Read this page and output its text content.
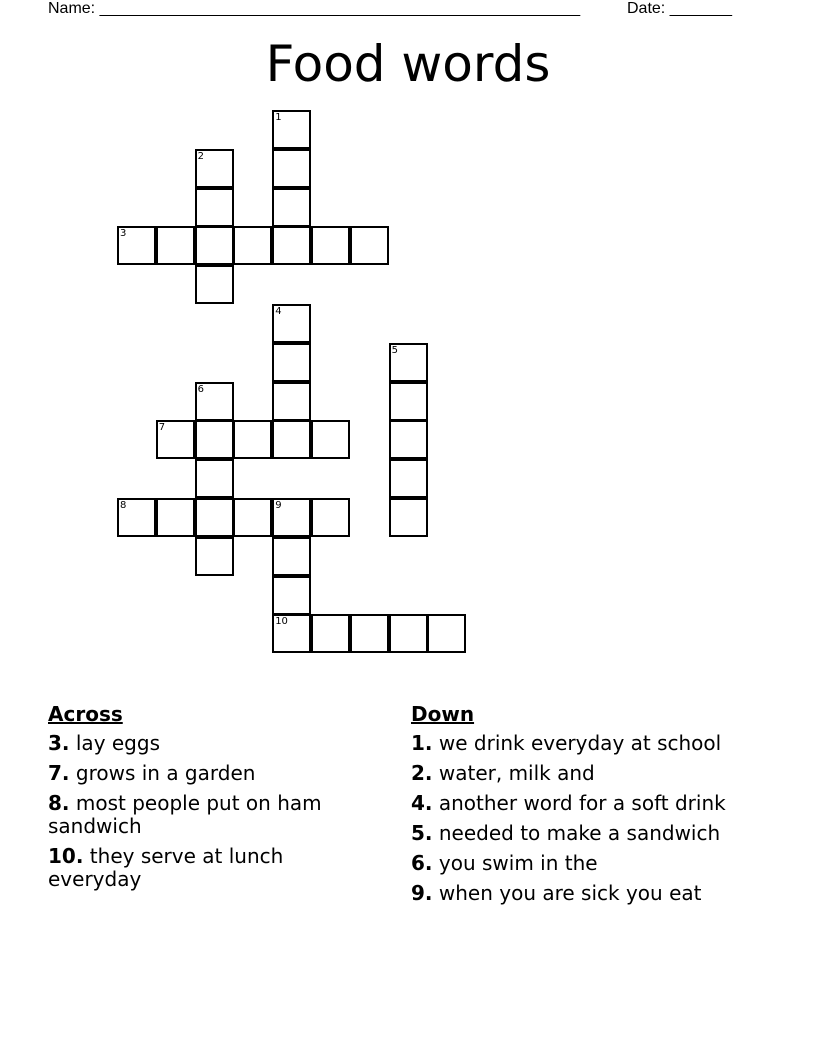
Name: ______________________________________________________	Date: _______
Food words
1
2
3
4
5
6
7
8	9
10
Across
3. lay eggs
7. grows in a garden
8. most people put on ham sandwich
10. they serve at lunch everyday
Down
1. we drink everyday at school
2. water, milk and
4. another word for a soft drink
5. needed to make a sandwich
6. you swim in the
9. when you are sick you eat
